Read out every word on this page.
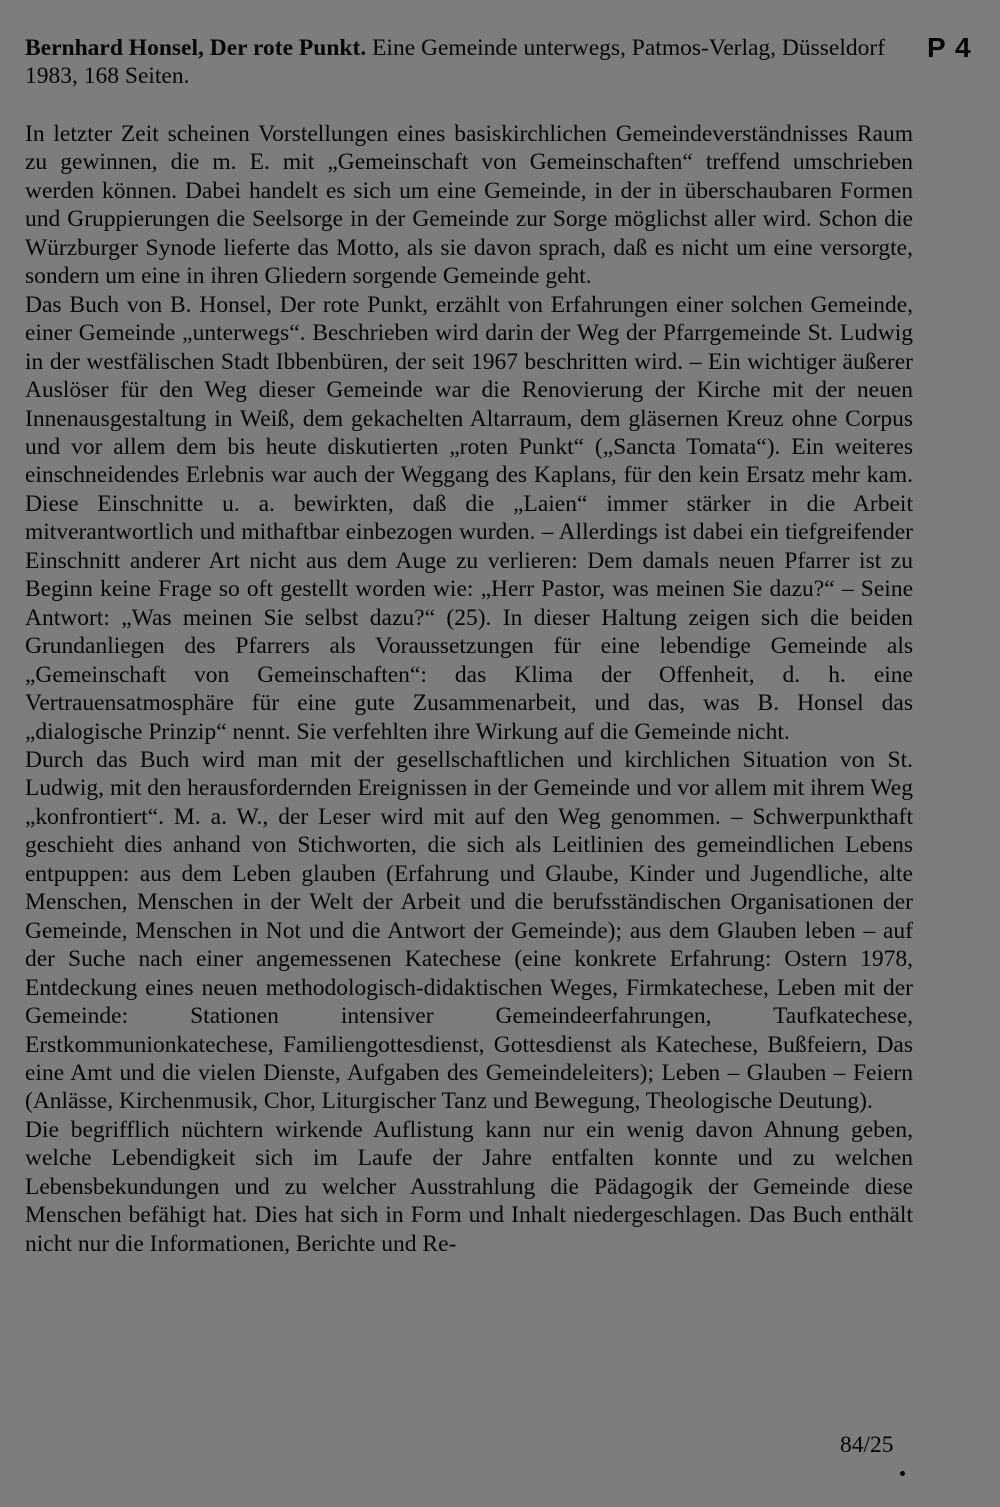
Bernhard Honsel, Der rote Punkt. Eine Gemeinde unterwegs, Patmos-Verlag, Düsseldorf 1983, 168 Seiten.
P 4

In letzter Zeit scheinen Vorstellungen eines basiskirchlichen Gemeindeverständnisses Raum zu gewinnen, die m. E. mit „Gemeinschaft von Gemeinschaften“ treffend umschrieben werden können. Dabei handelt es sich um eine Gemeinde, in der in überschaubaren Formen und Gruppierungen die Seelsorge in der Gemeinde zur Sorge möglichst aller wird. Schon die Würzburger Synode lieferte das Motto, als sie davon sprach, daß es nicht um eine versorgte, sondern um eine in ihren Gliedern sorgende Gemeinde geht.

Das Buch von B. Honsel, Der rote Punkt, erzählt von Erfahrungen einer solchen Gemeinde, einer Gemeinde „unterwegs“. Beschrieben wird darin der Weg der Pfarrgemeinde St. Ludwig in der westfälischen Stadt Ibbenbüren, der seit 1967 beschritten wird. – Ein wichtiger äußerer Auslöser für den Weg dieser Gemeinde war die Renovierung der Kirche mit der neuen Innenausgestaltung in Weiß, dem gekachelten Altarraum, dem gläsernen Kreuz ohne Corpus und vor allem dem bis heute diskutierten „roten Punkt“ („Sancta Tomata“). Ein weiteres einschneidendes Erlebnis war auch der Weggang des Kaplans, für den kein Ersatz mehr kam. Diese Einschnitte u. a. bewirkten, daß die „Laien“ immer stärker in die Arbeit mitverantwortlich und mithaftbar einbezogen wurden. – Allerdings ist dabei ein tiefgreifender Einschnitt anderer Art nicht aus dem Auge zu verlieren: Dem damals neuen Pfarrer ist zu Beginn keine Frage so oft gestellt worden wie: „Herr Pastor, was meinen Sie dazu?“ – Seine Antwort: „Was meinen Sie selbst dazu?“ (25). In dieser Haltung zeigen sich die beiden Grundanliegen des Pfarrers als Voraussetzungen für eine lebendige Gemeinde als „Gemeinschaft von Gemeinschaften“: das Klima der Offenheit, d. h. eine Vertrauensatmosphäre für eine gute Zusammenarbeit, und das, was B. Honsel das „dialogische Prinzip“ nennt. Sie verfehlten ihre Wirkung auf die Gemeinde nicht.

Durch das Buch wird man mit der gesellschaftlichen und kirchlichen Situation von St. Ludwig, mit den herausfordernden Ereignissen in der Gemeinde und vor allem mit ihrem Weg „konfrontiert“. M. a. W., der Leser wird mit auf den Weg genommen. – Schwerpunkthaft geschieht dies anhand von Stichworten, die sich als Leitlinien des gemeindlichen Lebens entpuppen: aus dem Leben glauben (Erfahrung und Glaube, Kinder und Jugendliche, alte Menschen, Menschen in der Welt der Arbeit und die berufsständischen Organisationen der Gemeinde, Menschen in Not und die Antwort der Gemeinde); aus dem Glauben leben – auf der Suche nach einer angemessenen Katechese (eine konkrete Erfahrung: Ostern 1978, Entdeckung eines neuen methodologisch-didaktischen Weges, Firmkatechese, Leben mit der Gemeinde: Stationen intensiver Gemeindeerfahrungen, Taufkatechese, Erstkommunionkatechese, Familiengottesdienst, Gottesdienst als Katechese, Bußfeiern, Das eine Amt und die vielen Dienste, Aufgaben des Gemeindeleiters); Leben – Glauben – Feiern (Anlässe, Kirchenmusik, Chor, Liturgischer Tanz und Bewegung, Theologische Deutung).

Die begrifflich nüchtern wirkende Auflistung kann nur ein wenig davon Ahnung geben, welche Lebendigkeit sich im Laufe der Jahre entfalten konnte und zu welchen Lebensbekundungen und zu welcher Ausstrahlung die Pädagogik der Gemeinde diese Menschen befähigt hat. Dies hat sich in Form und Inhalt niedergeschlagen. Das Buch enthält nicht nur die Informationen, Berichte und Re-

84/25
